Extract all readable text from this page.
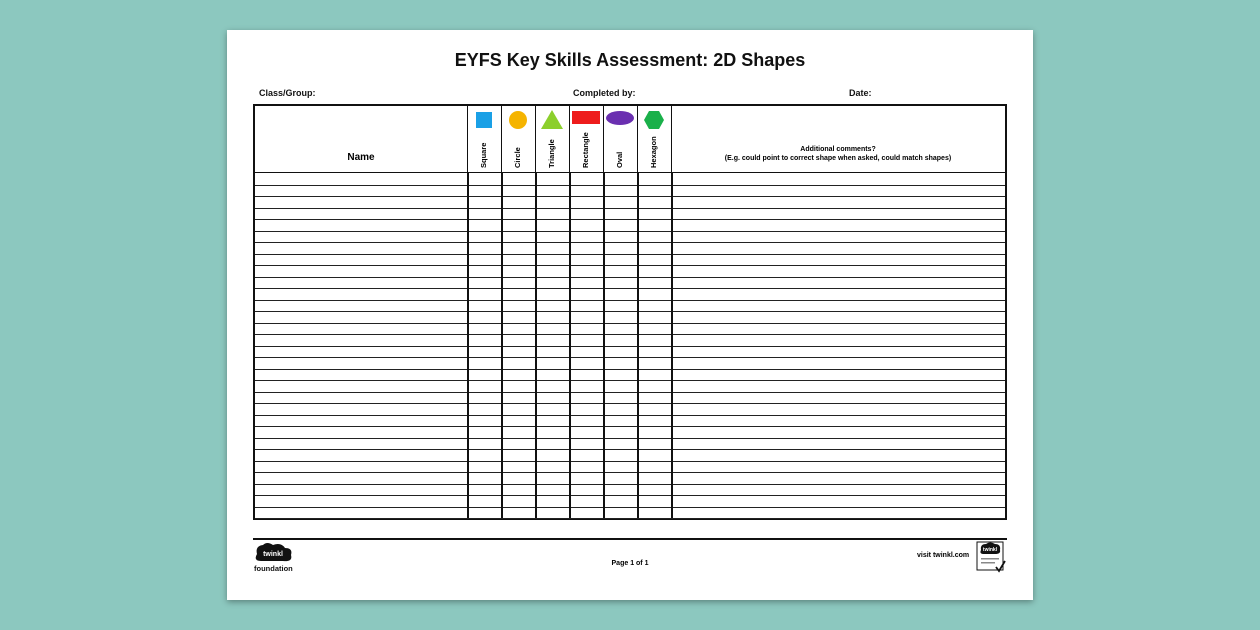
EYFS Key Skills Assessment: 2D Shapes
Class/Group:	Completed by:	Date:
Name	Square	Circle	Triangle	Rectangle	Oval	Hexagon	Additional comments?
(E.g. could point to correct shape when asked, could match shapes)
twinkl
foundation
Page 1 of 1
visit twinkl.com
twinkl
